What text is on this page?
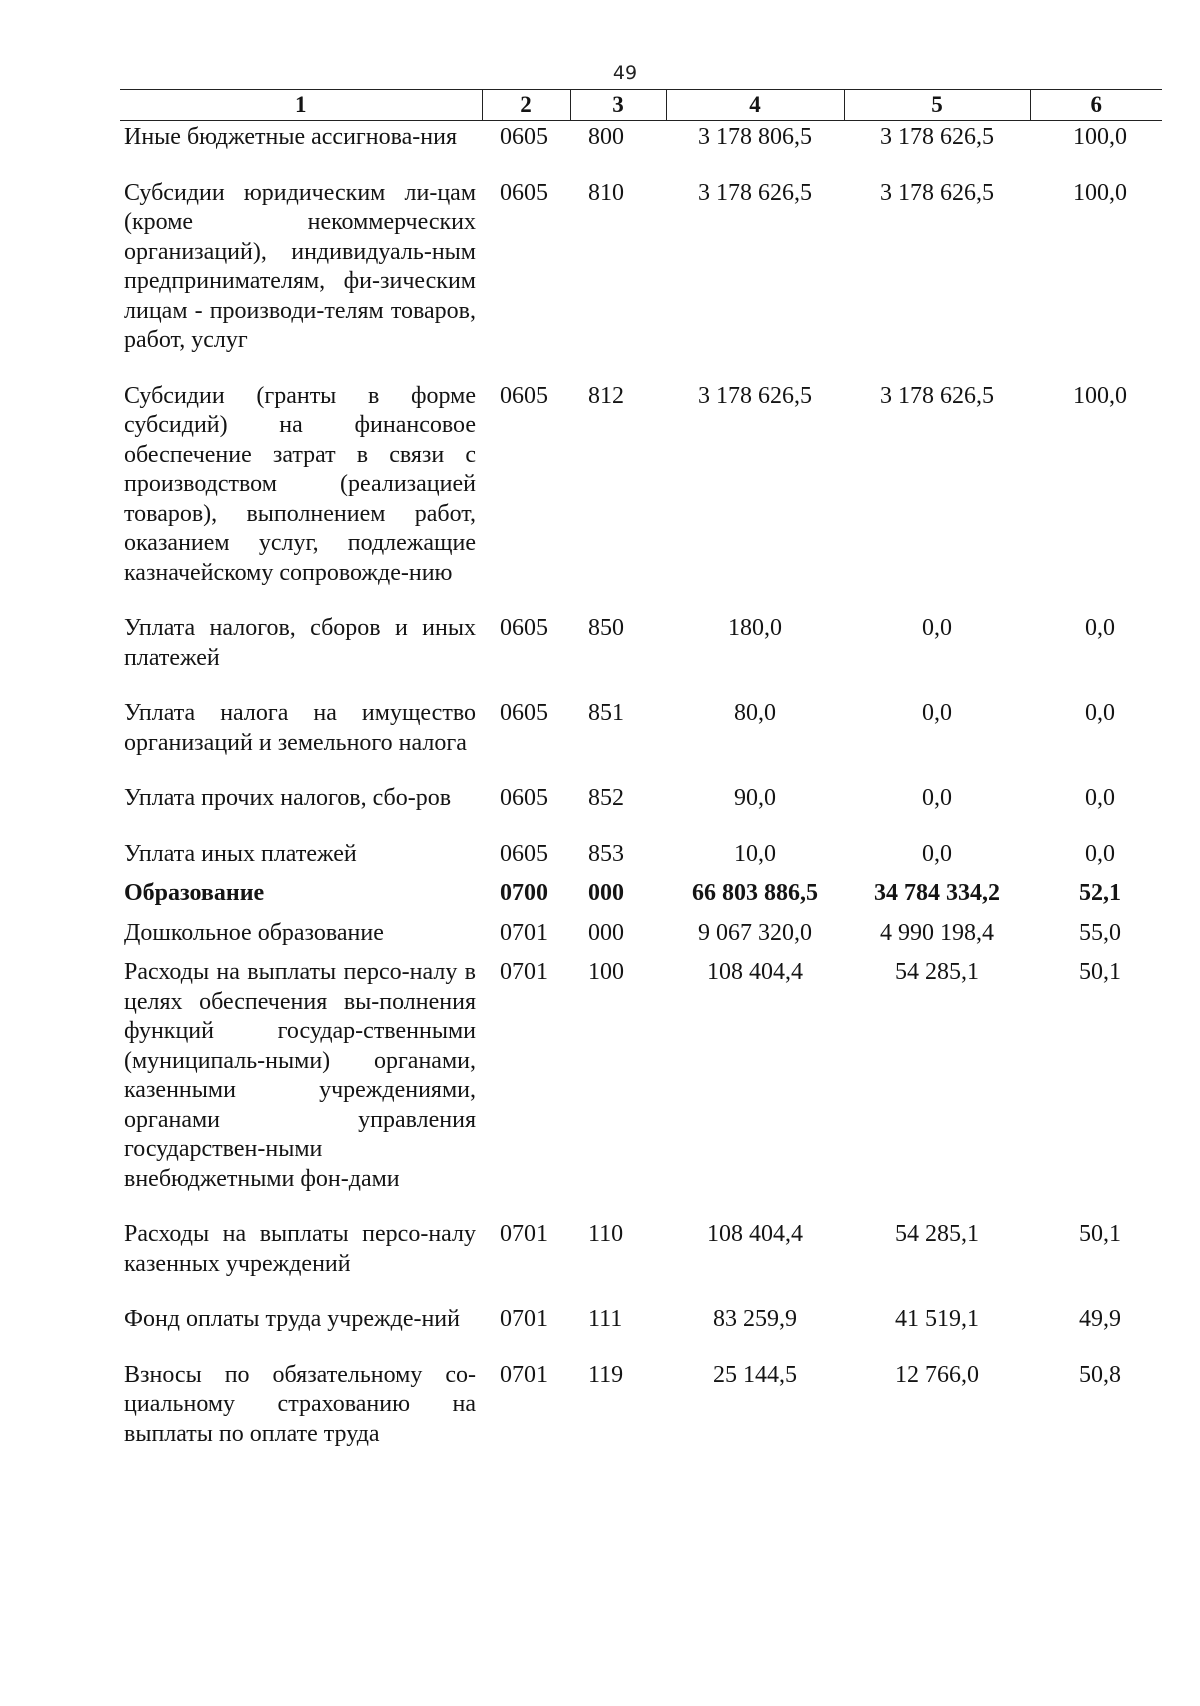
49
1	2	3	4	5	6
Иные бюджетные ассигнова-ния	0605	800	3 178 806,5	3 178 626,5	100,0
Субсидии юридическим ли-цам (кроме некоммерческих организаций), индивидуаль-ным предпринимателям, фи-зическим лицам - производи-телям товаров, работ, услуг	0605	810	3 178 626,5	3 178 626,5	100,0
Субсидии (гранты в форме субсидий) на финансовое обеспечение затрат в связи с производством (реализацией товаров), выполнением работ, оказанием услуг, подлежащие казначейскому сопровожде-нию	0605	812	3 178 626,5	3 178 626,5	100,0
Уплата налогов, сборов и иных платежей	0605	850	180,0	0,0	0,0
Уплата налога на имущество организаций и земельного налога	0605	851	80,0	0,0	0,0
Уплата прочих налогов, сбо-ров	0605	852	90,0	0,0	0,0
Уплата иных платежей	0605	853	10,0	0,0	0,0
Образование	0700	000	66 803 886,5	34 784 334,2	52,1
Дошкольное образование	0701	000	9 067 320,0	4 990 198,4	55,0
Расходы на выплаты персо-налу в целях обеспечения вы-полнения функций государ-ственными (муниципаль-ными) органами, казенными учреждениями, органами управления государствен-ными внебюджетными фон-дами	0701	100	108 404,4	54 285,1	50,1
Расходы на выплаты персо-налу казенных учреждений	0701	110	108 404,4	54 285,1	50,1
Фонд оплаты труда учрежде-ний	0701	111	83 259,9	41 519,1	49,9
Взносы по обязательному со-циальному страхованию на выплаты по оплате труда	0701	119	25 144,5	12 766,0	50,8
